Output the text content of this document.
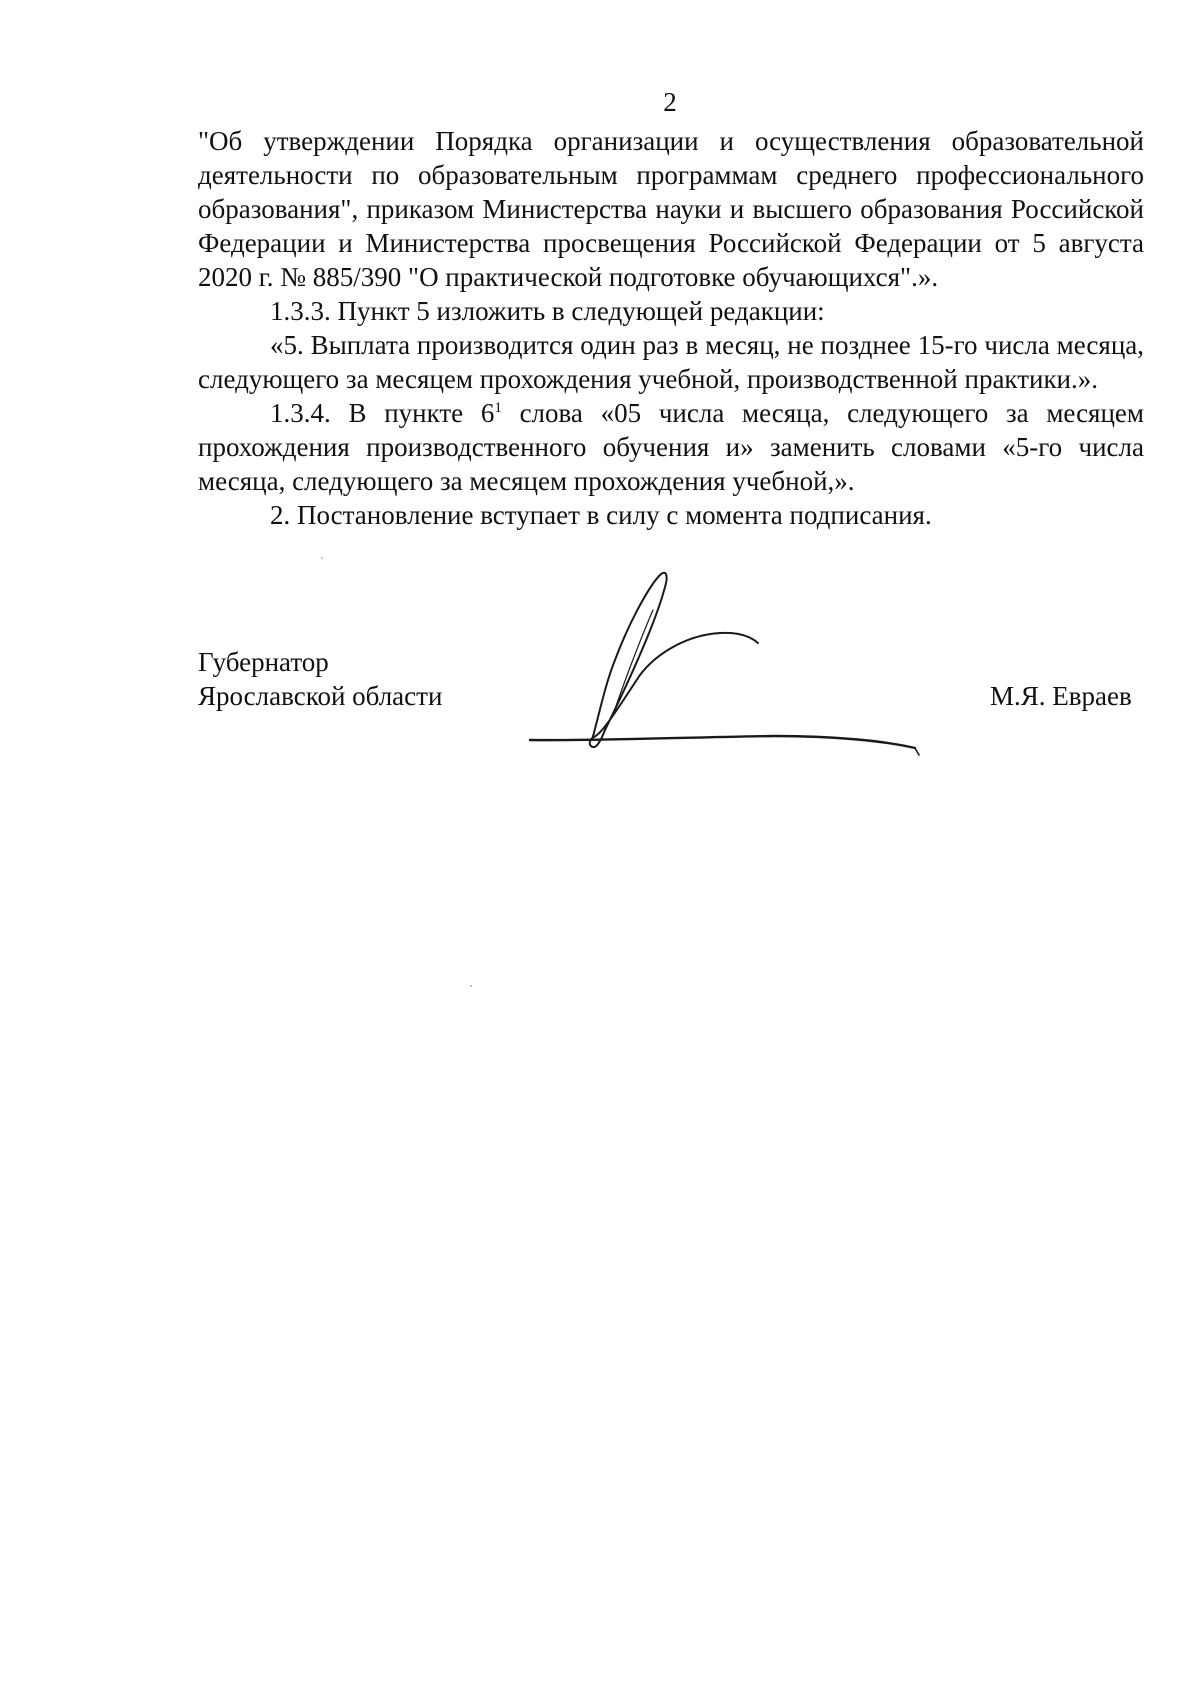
2

"Об утверждении Порядка организации и осуществления образовательной деятельности по образовательным программам среднего профессионального образования", приказом Министерства науки и высшего образования Российской Федерации и Министерства просвещения Российской Федерации от 5 августа 2020 г. № 885/390 "О практической подготовке обучающихся".».

1.3.3. Пункт 5 изложить в следующей редакции:

«5. Выплата производится один раз в месяц, не позднее 15-го числа месяца, следующего за месяцем прохождения учебной, производственной практики.».

1.3.4. В пункте $6^1$ слова «05 числа месяца, следующего за месяцем прохождения производственного обучения и» заменить словами «5-го числа месяца, следующего за месяцем прохождения учебной,».

2. Постановление вступает в силу с момента подписания.

Губернатор
Ярославской области	М.Я. Евраев
